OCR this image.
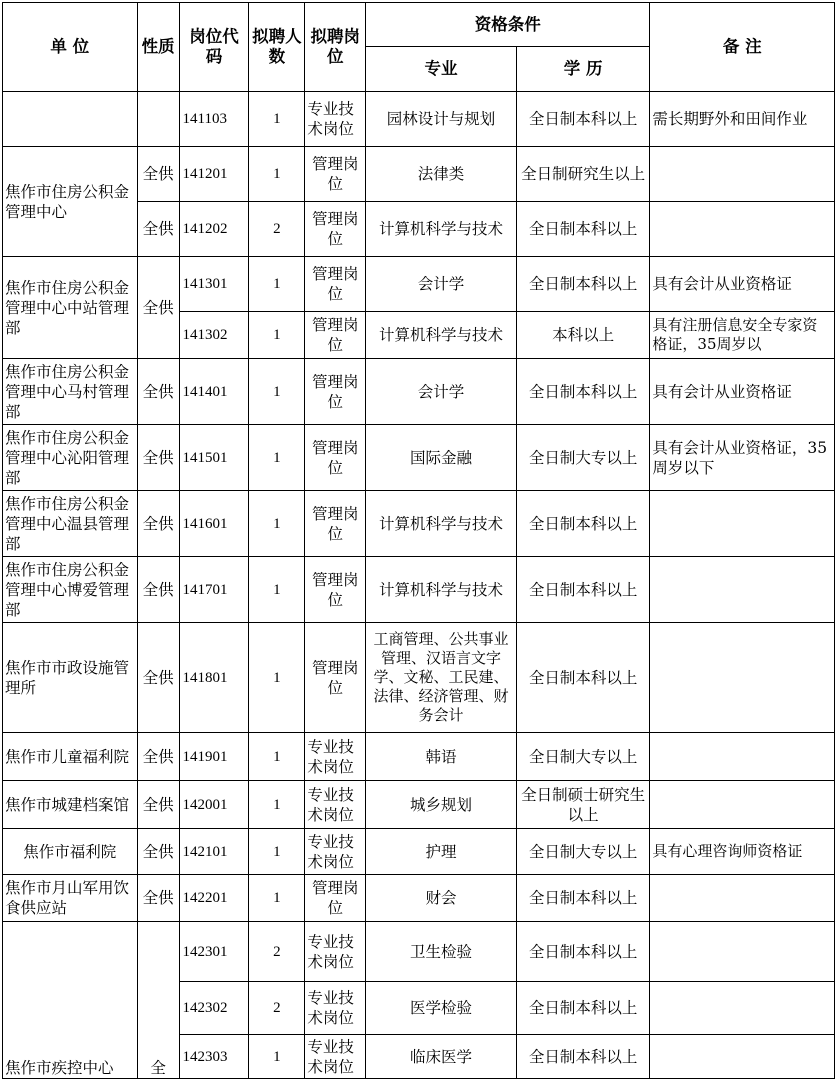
单 位	性质	岗位代码	拟聘人数	拟聘岗位	资格条件		备 注
					专业	学 历	
		141103	1	专业技术岗位	园林设计与规划	全日制本科以上	需长期野外和田间作业
焦作市住房公积金管理中心	全供	141201	1	管理岗位	法律类	全日制研究生以上	
	全供	141202	2	管理岗位	计算机科学与技术	全日制本科以上	
焦作市住房公积金管理中心中站管理部	全供	141301	1	管理岗位	会计学	全日制本科以上	具有会计从业资格证
		141302	1	管理岗位	计算机科学与技术	本科以上	具有注册信息安全专家资格证，35周岁以
焦作市住房公积金管理中心马村管理部	全供	141401	1	管理岗位	会计学	全日制本科以上	具有会计从业资格证
焦作市住房公积金管理中心沁阳管理部	全供	141501	1	管理岗位	国际金融	全日制大专以上	具有会计从业资格证，35周岁以下
焦作市住房公积金管理中心温县管理部	全供	141601	1	管理岗位	计算机科学与技术	全日制本科以上	
焦作市住房公积金管理中心博爱管理部	全供	141701	1	管理岗位	计算机科学与技术	全日制本科以上	
焦作市市政设施管理所	全供	141801	1	管理岗位	工商管理、公共事业管理、汉语言文字学、文秘、工民建、法律、经济管理、财务会计	全日制本科以上	
焦作市儿童福利院	全供	141901	1	专业技术岗位	韩语	全日制大专以上	
焦作市城建档案馆	全供	142001	1	专业技术岗位	城乡规划	全日制硕士研究生以上	
焦作市福利院	全供	142101	1	专业技术岗位	护理	全日制大专以上	具有心理咨询师资格证
焦作市月山军用饮食供应站	全供	142201	1	管理岗位	财会	全日制本科以上	
焦作市疾控中心	全	142301	2	专业技术岗位	卫生检验	全日制本科以上	
		142302	2	专业技术岗位	医学检验	全日制本科以上	
		142303	1	专业技术岗位	临床医学	全日制本科以上	
